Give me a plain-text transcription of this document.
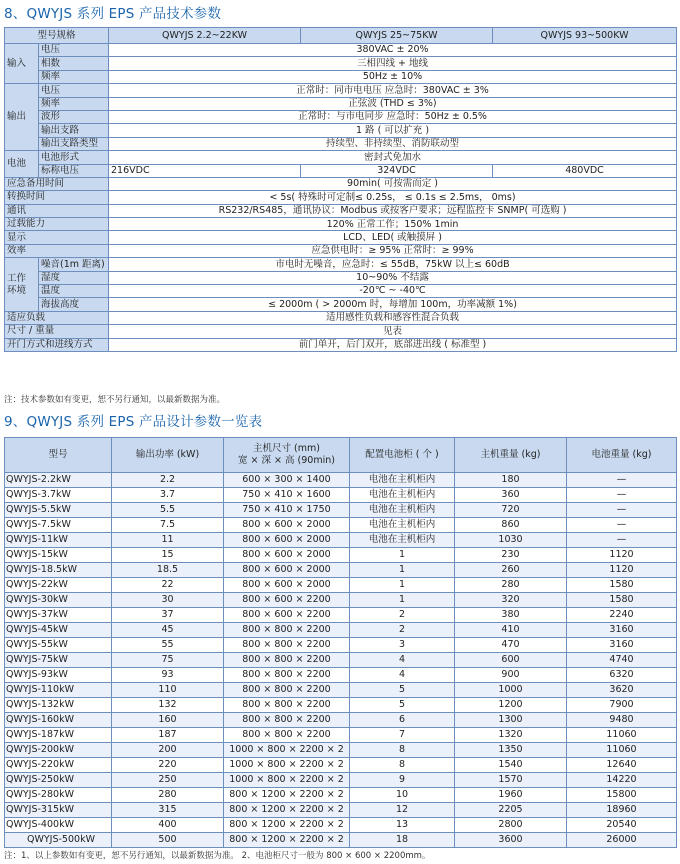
8、QWYJS 系列 EPS 产品技术参数
型号规格		QWYJS 2.2~22KW	QWYJS 25~75KW	QWYJS 93~500KW
输入	电压	380VAC ± 20%		
	相数	三相四线 + 地线		
	频率	50Hz ± 10%		
输出	电压	正常时：同市电电压 应急时：380VAC ± 3%		
	频率	正弦波 (THD ≤ 3%)		
	波形	正常时：与市电同步 应急时：50Hz ± 0.5%		
	输出支路	1 路 ( 可以扩充 )		
	输出支路类型	持续型、非持续型、消防联动型		
电池	电池形式	密封式免加水		
	标称电压	216VDC	324VDC	480VDC
应急备用时间		90min( 可按需而定 )		
转换时间		< 5s( 特殊时可定制≤ 0.25s， ≤ 0.1s ≤ 2.5ms， 0ms)		
通讯		RS232/RS485，通讯协议：Modbus 或按客户要求；远程监控卡 SNMP( 可选购 )		
过载能力		120% 正常工作；150% 1min		
显示		LCD、LED( 或触摸屏 )		
效率		应急供电时：≥ 95% 正常时：≥ 99%		
工作
环境	噪音(1m 距离)	市电时无噪音，应急时：≤ 55dB，75kW 以上≤ 60dB		
	湿度	10~90% 不结露		
	温度	-20℃ ~ -40℃		
	海拔高度	≤ 2000m ( > 2000m 时，每增加 100m，功率减额 1%)		
适应负载		适用感性负载和感容性混合负载		
尺寸 / 重量		见表		
开门方式和进线方式		前门单开，后门双开，底部进出线 ( 标准型 )		
注：技术参数如有变更，恕不另行通知，以最新数据为准。
9、QWYJS 系列 EPS 产品设计参数一览表
型号	输出功率 (kW)	主机尺寸 (mm)
宽 × 深 × 高 (90min)	配置电池柜 ( 个 )	主机重量 (kg)	电池重量 (kg)
QWYJS-2.2kW	2.2	600 × 300 × 1400	电池在主机柜内	180	—
QWYJS-3.7kW	3.7	750 × 410 × 1600	电池在主机柜内	360	—
QWYJS-5.5kW	5.5	750 × 410 × 1750	电池在主机柜内	720	—
QWYJS-7.5kW	7.5	800 × 600 × 2000	电池在主机柜内	860	—
QWYJS-11kW	11	800 × 600 × 2000	电池在主机柜内	1030	—
QWYJS-15kW	15	800 × 600 × 2000	1	230	1120
QWYJS-18.5kW	18.5	800 × 600 × 2000	1	260	1120
QWYJS-22kW	22	800 × 600 × 2000	1	280	1580
QWYJS-30kW	30	800 × 600 × 2200	1	320	1580
QWYJS-37kW	37	800 × 600 × 2200	2	380	2240
QWYJS-45kW	45	800 × 800 × 2200	2	410	3160
QWYJS-55kW	55	800 × 800 × 2200	3	470	3160
QWYJS-75kW	75	800 × 800 × 2200	4	600	4740
QWYJS-93kW	93	800 × 800 × 2200	4	900	6320
QWYJS-110kW	110	800 × 800 × 2200	5	1000	3620
QWYJS-132kW	132	800 × 800 × 2200	5	1200	7900
QWYJS-160kW	160	800 × 800 × 2200	6	1300	9480
QWYJS-187kW	187	800 × 800 × 2200	7	1320	11060
QWYJS-200kW	200	1000 × 800 × 2200 × 2	8	1350	11060
QWYJS-220kW	220	1000 × 800 × 2200 × 2	8	1540	12640
QWYJS-250kW	250	1000 × 800 × 2200 × 2	9	1570	14220
QWYJS-280kW	280	800 × 1200 × 2200 × 2	10	1960	15800
QWYJS-315kW	315	800 × 1200 × 2200 × 2	12	2205	18960
QWYJS-400kW	400	800 × 1200 × 2200 × 2	13	2800	20540
QWYJS-500kW	500	800 × 1200 × 2200 × 2	18	3600	26000
注：1、以上参数如有变更，恕不另行通知，以最新数据为准。 2、电池柜尺寸一般为 800 × 600 × 2200mm。
